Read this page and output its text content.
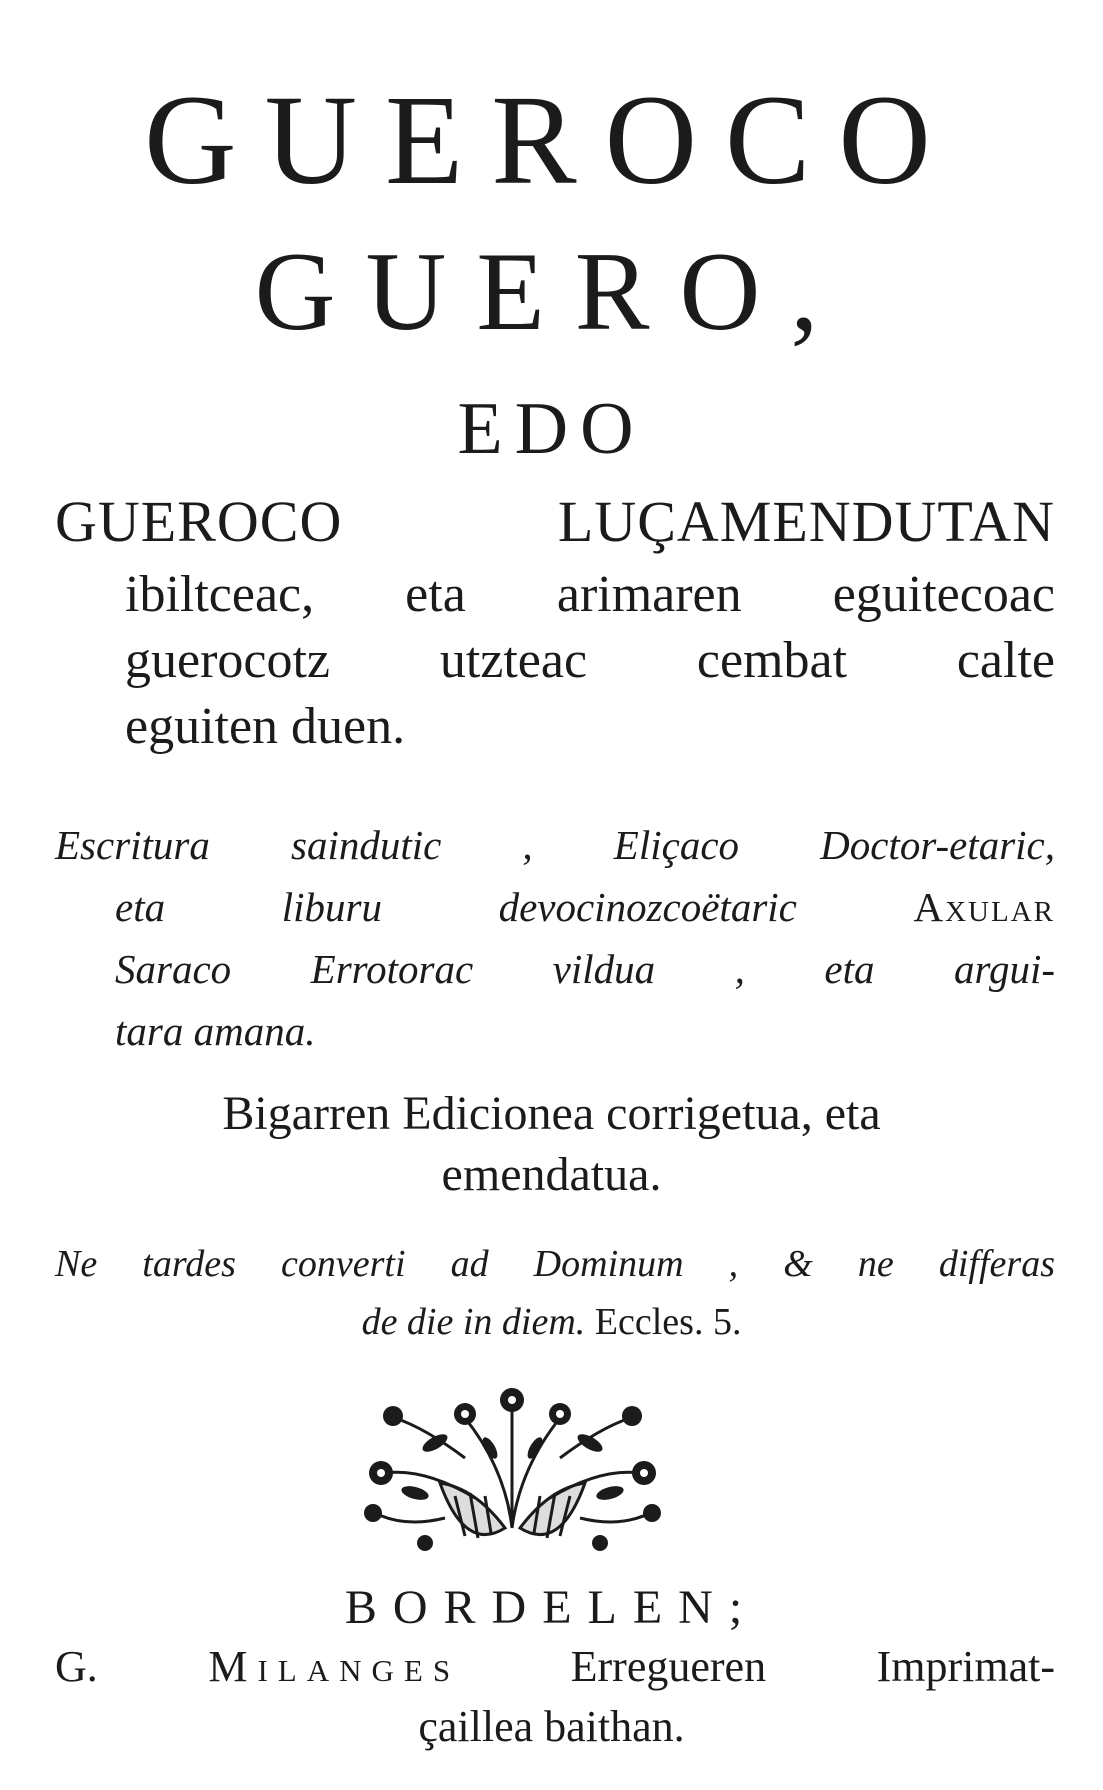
GUEROCO
GUERO,
EDO
GUEROCO LUÇAMENDUTAN
ibiltceac, eta arimaren eguitecoac
guerocotz utzteac cembat calte
eguiten duen.
Escritura saindutic , Eliçaco Doctor-etaric,
eta liburu devocinozcoëtaric	Axular
Saraco Errotorac vildua , eta argui-
tara amana.
Bigarren Edicionea corrigetua, eta
emendatua.
Ne tardes converti ad Dominum , & ne differas
de die in diem. Eccles. 5.
BORDELEN;
G.	Milanges	Erregueren Imprimat-
çaillea baithan.
